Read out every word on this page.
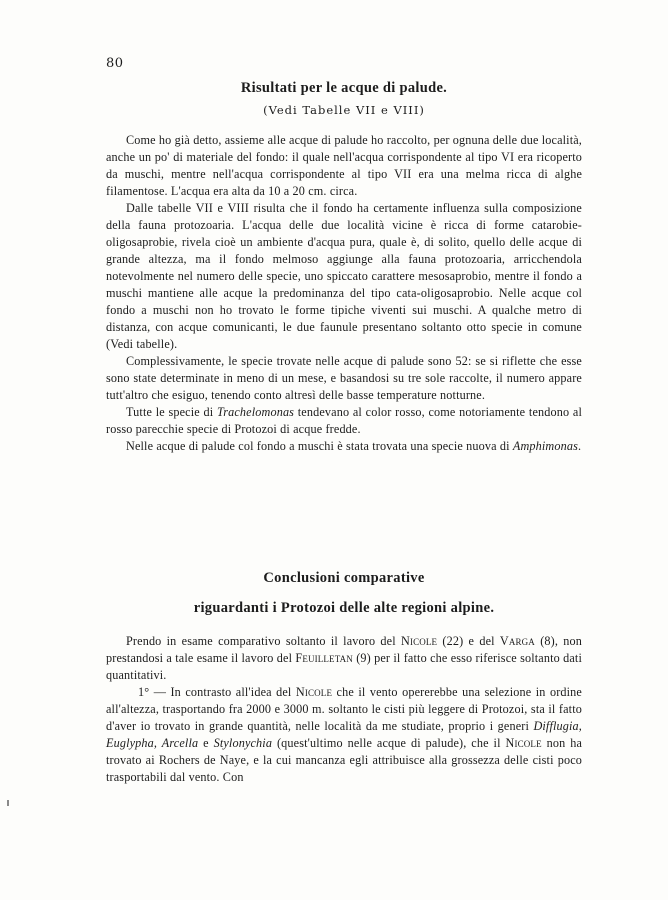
80
Risultati per le acque di palude.

(Vedi Tabelle VII e VIII)

Come ho già detto, assieme alle acque di palude ho raccolto, per ognuna delle due località, anche un po' di materiale del fondo: il quale nell'acqua corrispondente al tipo VI era ricoperto da muschi, mentre nell'acqua corrispondente al tipo VII era una melma ricca di alghe filamentose. L'acqua era alta da 10 a 20 cm. circa.

Dalle tabelle VII e VIII risulta che il fondo ha certamente influenza sulla composizione della fauna protozoaria. L'acqua delle due località vicine è ricca di forme catarobie-oligosaprobie, rivela cioè un ambiente d'acqua pura, quale è, di solito, quello delle acque di grande altezza, ma il fondo melmoso aggiunge alla fauna protozoaria, arricchendola notevolmente nel numero delle specie, uno spiccato carattere mesosaprobio, mentre il fondo a muschi mantiene alle acque la predominanza del tipo cata-oligosaprobio. Nelle acque col fondo a muschi non ho trovato le forme tipiche viventi sui muschi. A qualche metro di distanza, con acque comunicanti, le due faunule presentano soltanto otto specie in comune (Vedi tabelle).

Complessivamente, le specie trovate nelle acque di palude sono 52: se si riflette che esse sono state determinate in meno di un mese, e basandosi su tre sole raccolte, il numero appare tutt'altro che esiguo, tenendo conto altresì delle basse temperature notturne.

Tutte le specie di Trachelomonas tendevano al color rosso, come notoriamente tendono al rosso parecchie specie di Protozoi di acque fredde.

Nelle acque di palude col fondo a muschi è stata trovata una specie nuova di Amphimonas.

Conclusioni comparative
riguardanti i Protozoi delle alte regioni alpine.

Prendo in esame comparativo soltanto il lavoro del Nicole (22) e del Varga (8), non prestandosi a tale esame il lavoro del Feuilletan (9) per il fatto che esso riferisce soltanto dati quantitativi.

1° — In contrasto all'idea del Nicole che il vento opererebbe una selezione in ordine all'altezza, trasportando fra 2000 e 3000 m. soltanto le cisti più leggere di Protozoi, sta il fatto d'aver io trovato in grande quantità, nelle località da me studiate, proprio i generi Difflugia, Euglypha, Arcella e Stylonychia (quest'ultimo nelle acque di palude), che il Nicole non ha trovato ai Rochers de Naye, e la cui mancanza egli attribuisce alla grossezza delle cisti poco trasportabili dal vento. Con
